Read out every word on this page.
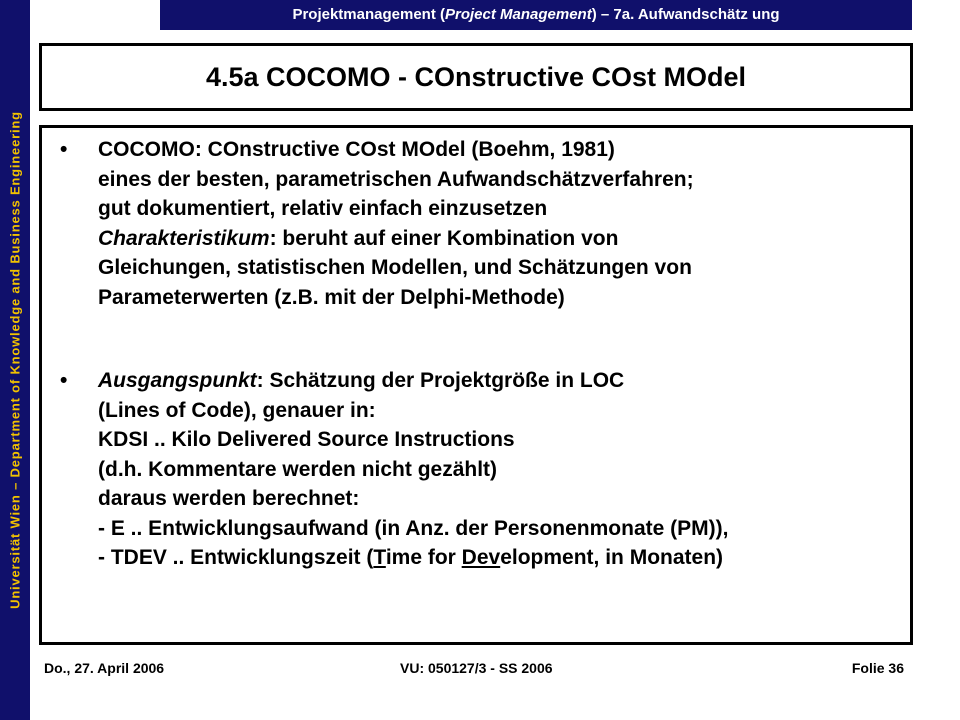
Universität Wien – Department of Knowledge and Business Engineering
Projektmanagement (Project Management) – 7a. Aufwandschätz ung
4.5a COCOMO - COnstructive COst MOdel
•	COCOMO: COnstructive COst MOdel (Boehm, 1981)
eines der besten, parametrischen Aufwandschätzverfahren;
gut dokumentiert, relativ einfach einzusetzen
Charakteristikum: beruht auf einer Kombination von
Gleichungen, statistischen Modellen, und Schätzungen von
Parameterwerten (z.B. mit der Delphi-Methode)
•	Ausgangspunkt: Schätzung der Projektgröße in LOC
(Lines of Code), genauer in:
KDSI .. Kilo Delivered Source Instructions
(d.h. Kommentare werden nicht gezählt)
daraus werden berechnet:
- E .. Entwicklungsaufwand (in Anz. der Personenmonate (PM)),
- TDEV .. Entwicklungszeit (Time for Development, in Monaten)
Do., 27. April 2006	VU: 050127/3 - SS 2006	Folie 36
